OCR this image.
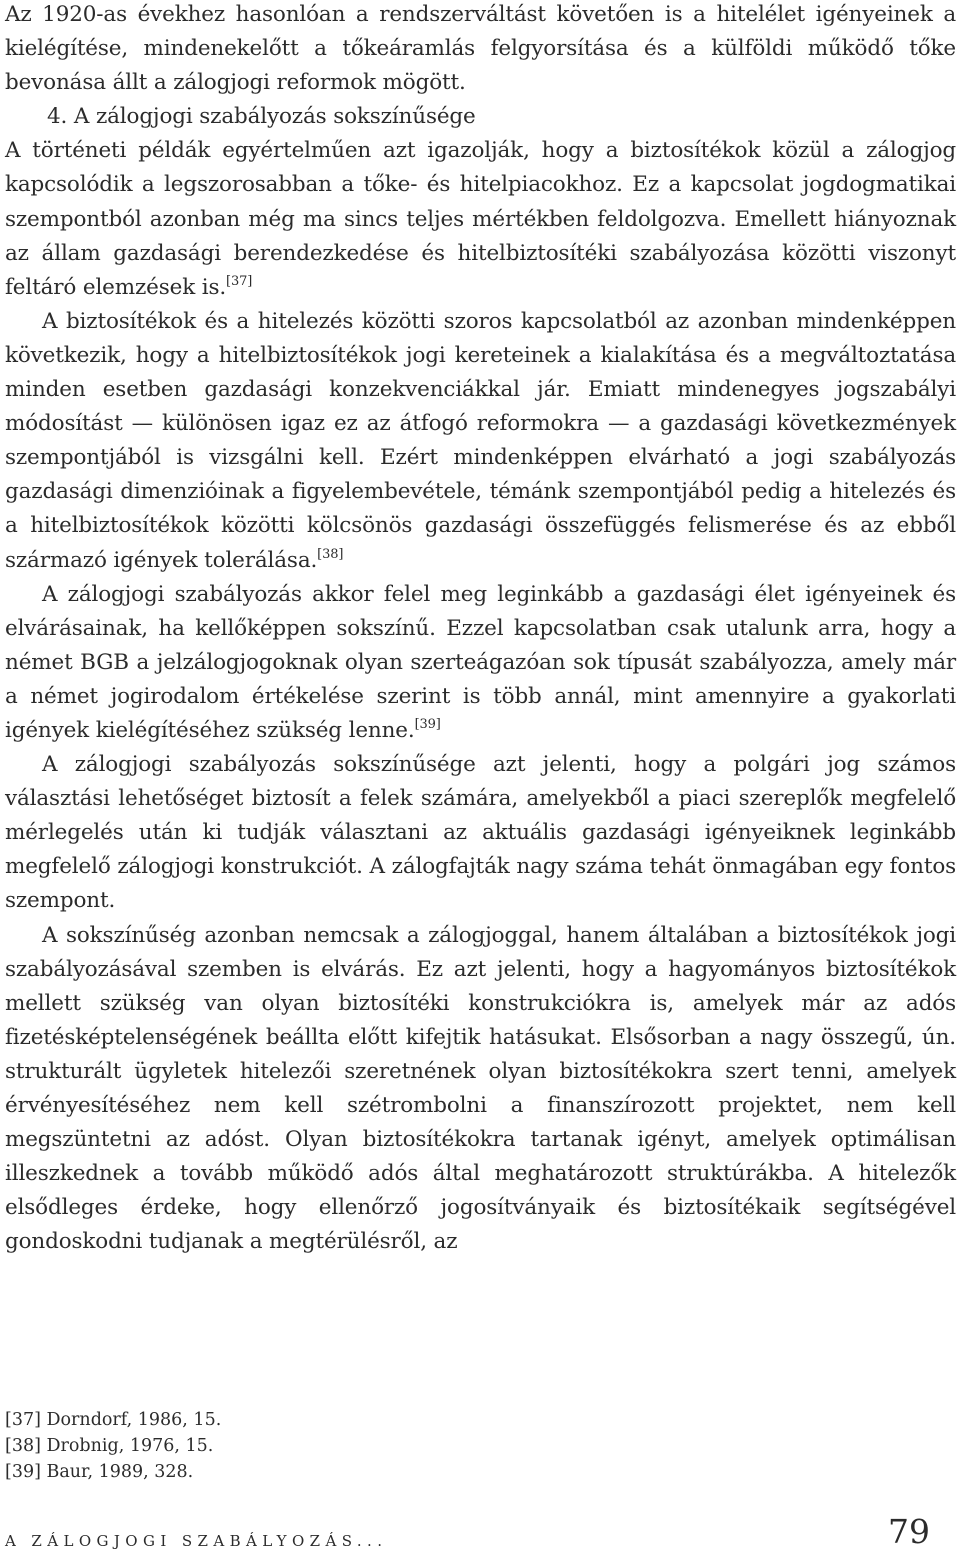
Az 1920-as évekhez hasonlóan a rendszerváltást követően is a hitelélet igényeinek a kielégítése, mindenekelőtt a tőkeáramlás felgyorsítása és a külföldi működő tőke bevonása állt a zálogjogi reformok mögött.

4. A zálogjogi szabályozás sokszínűsége

A történeti példák egyértelműen azt igazolják, hogy a biztosítékok közül a zálogjog kapcsolódik a legszorosabban a tőke- és hitelpiacokhoz. Ez a kapcsolat jogdogmatikai szempontból azonban még ma sincs teljes mértékben feldolgozva. Emellett hiányoznak az állam gazdasági berendezkedése és hitelbiztosítéki szabályozása közötti viszonyt feltáró elemzések is.[37]

A biztosítékok és a hitelezés közötti szoros kapcsolatból az azonban mindenképpen következik, hogy a hitelbiztosítékok jogi kereteinek a kialakítása és a megváltoztatása minden esetben gazdasági konzekvenciákkal jár. Emiatt mindenegyes jogszabályi módosítást — különösen igaz ez az átfogó reformokra — a gazdasági következmények szempontjából is vizsgálni kell. Ezért mindenképpen elvárható a jogi szabályozás gazdasági dimenzióinak a figyelembevétele, témánk szempontjából pedig a hitelezés és a hitelbiztosítékok közötti kölcsönös gazdasági összefüggés felismerése és az ebből származó igények tolerálása.[38]

A zálogjogi szabályozás akkor felel meg leginkább a gazdasági élet igényeinek és elvárásainak, ha kellőképpen sokszínű. Ezzel kapcsolatban csak utalunk arra, hogy a német BGB a jelzálogjogoknak olyan szerteágazóan sok típusát szabályozza, amely már a német jogirodalom értékelése szerint is több annál, mint amennyire a gyakorlati igények kielégítéséhez szükség lenne.[39]

A zálogjogi szabályozás sokszínűsége azt jelenti, hogy a polgári jog számos választási lehetőséget biztosít a felek számára, amelyekből a piaci szereplők megfelelő mérlegelés után ki tudják választani az aktuális gazdasági igényeiknek leginkább megfelelő zálogjogi konstrukciót. A zálogfajták nagy száma tehát önmagában egy fontos szempont.

A sokszínűség azonban nemcsak a zálogjoggal, hanem általában a biztosítékok jogi szabályozásával szemben is elvárás. Ez azt jelenti, hogy a hagyományos biztosítékok mellett szükség van olyan biztosítéki konstrukciókra is, amelyek már az adós fizetésképtelenségének beállta előtt kifejtik hatásukat. Elsősorban a nagy összegű, ún. strukturált ügyletek hitelezői szeretnének olyan biztosítékokra szert tenni, amelyek érvényesítéséhez nem kell szétrombolni a finanszírozott projektet, nem kell megszüntetni az adóst. Olyan biztosítékokra tartanak igényt, amelyek optimálisan illeszkednek a tovább működő adós által meghatározott struktúrákba. A hitelezők elsődleges érdeke, hogy ellenőrző jogosítványaik és biztosítékaik segítségével gondoskodni tudjanak a megtérülésről, az

[37] Dorndorf, 1986, 15.

[38] Drobnig, 1976, 15.

[39] Baur, 1989, 328.

A ZÁLOGJOGI SZABÁLYOZÁS...	79
